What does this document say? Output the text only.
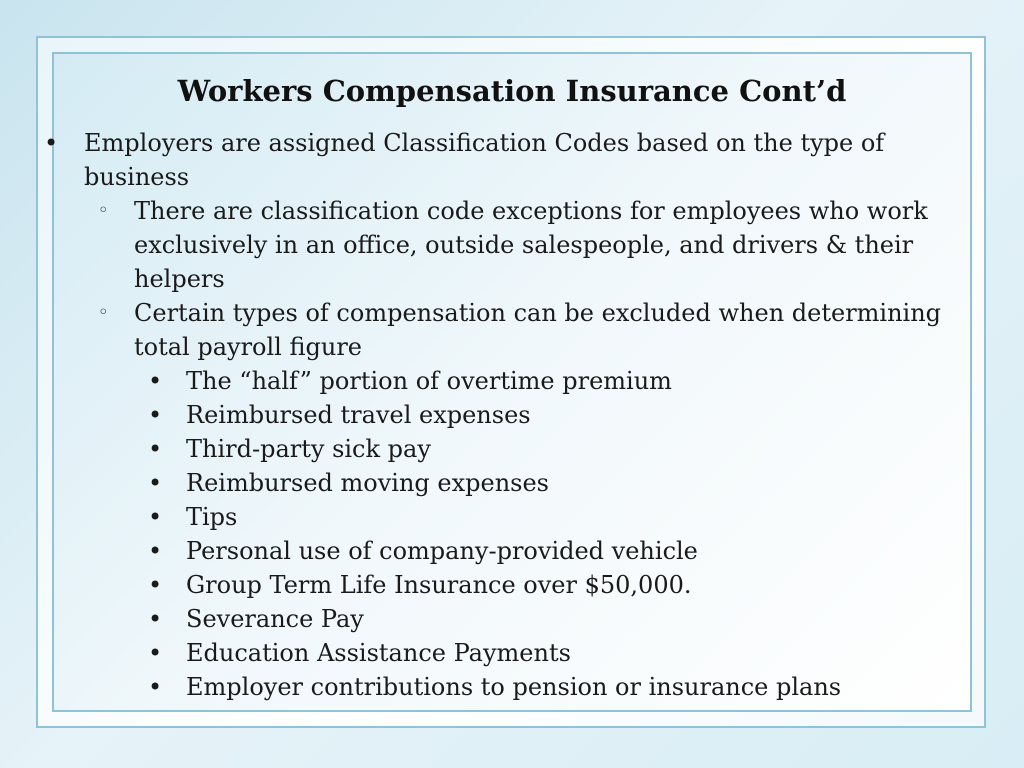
Workers Compensation Insurance Cont’d

• Employers are assigned Classification Codes based on the type of business

◦ There are classification code exceptions for employees who work exclusively in an office, outside salespeople, and drivers & their helpers

◦ Certain types of compensation can be excluded when determining total payroll figure

• The “half” portion of overtime premium

• Reimbursed travel expenses

• Third-party sick pay

• Reimbursed moving expenses

• Tips

• Personal use of company-provided vehicle

• Group Term Life Insurance over $50,000.

• Severance Pay

• Education Assistance Payments

• Employer contributions to pension or insurance plans
